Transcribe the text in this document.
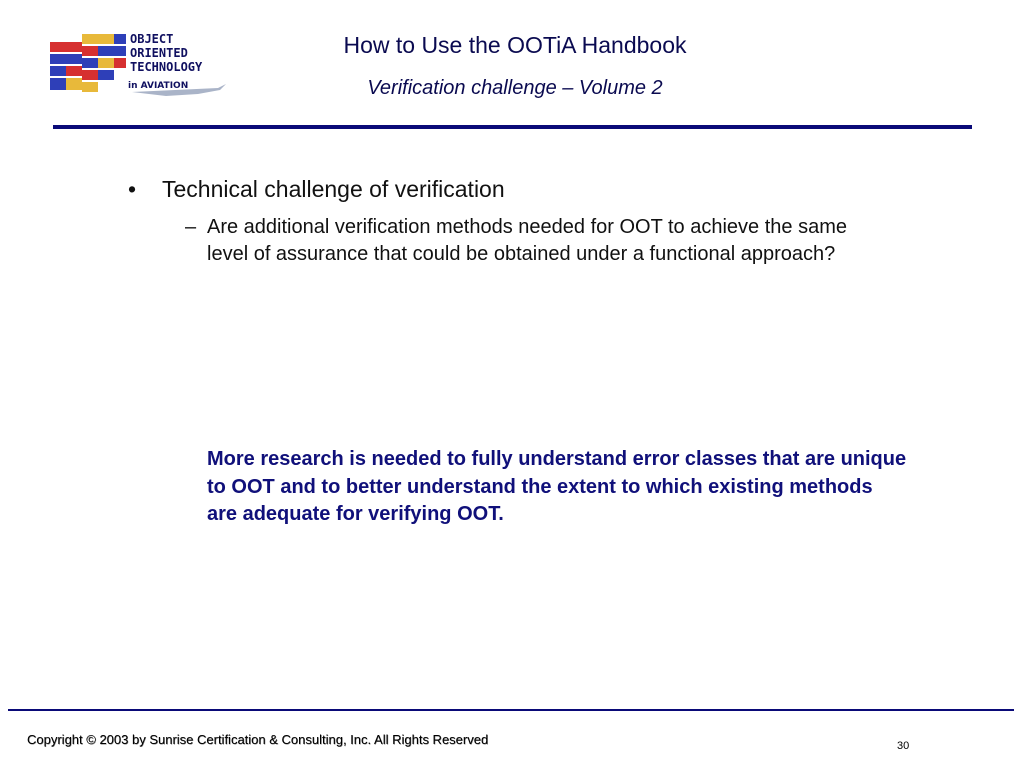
OBJECT
ORIENTED
TECHNOLOGY
in AVIATION
How to Use the OOTiA Handbook
Verification challenge – Volume 2
• Technical challenge of verification
– Are additional verification methods needed for OOT to achieve the same level of assurance that could be obtained under a functional approach?
More research is needed to fully understand error classes that are unique to OOT and to better understand the extent to which existing methods are adequate for verifying OOT.
Copyright © 2003 by Sunrise Certification & Consulting, Inc. All Rights Reserved	30
